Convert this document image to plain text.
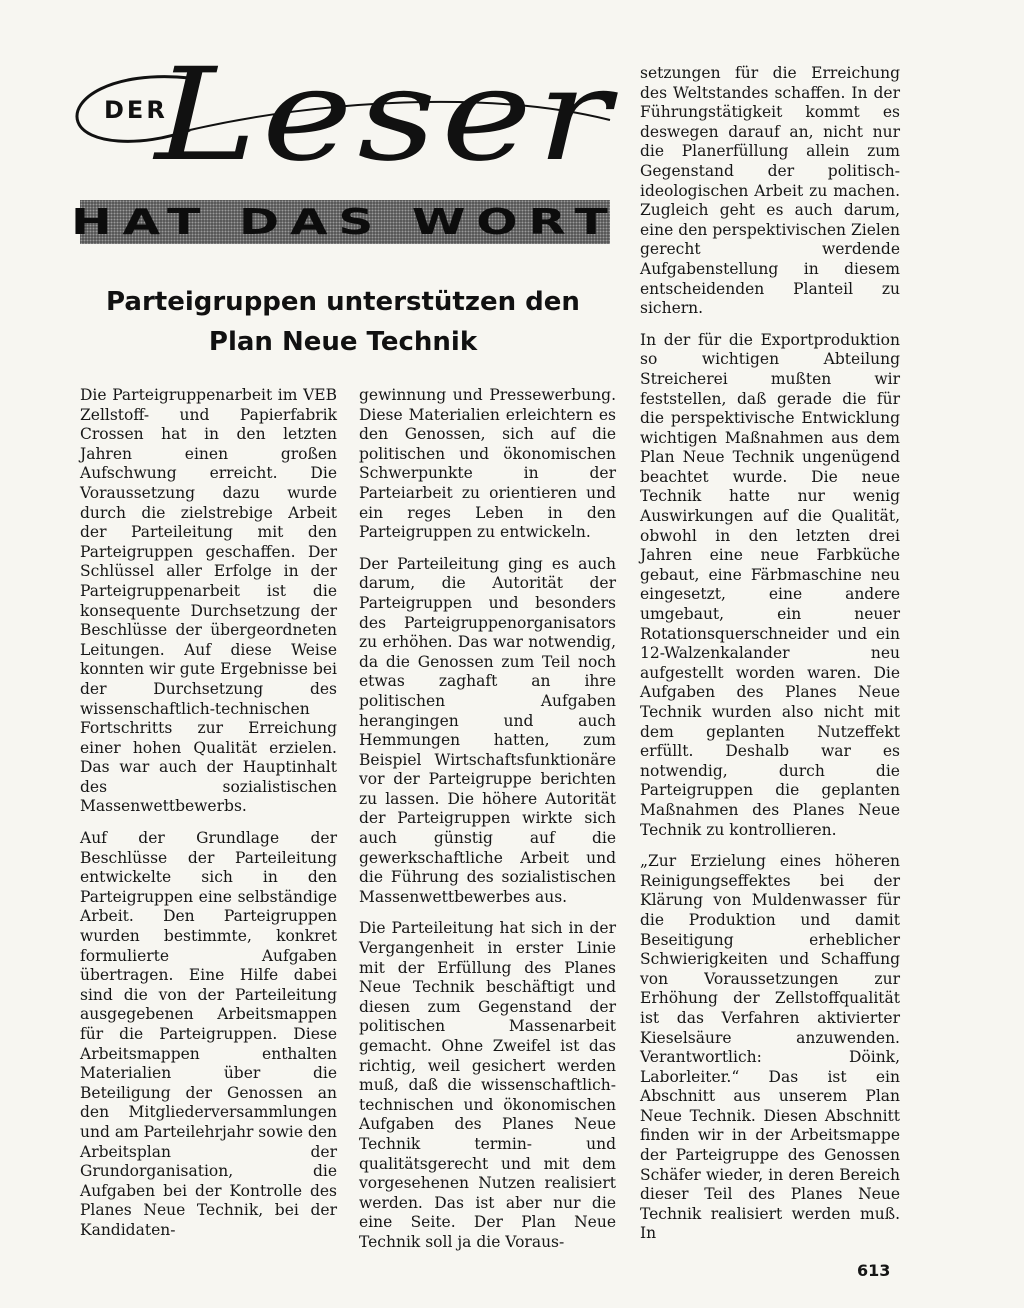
DER
Leser
HAT DAS WORT
Parteigruppen unterstützen den
Plan Neue Technik

Die Parteigruppenarbeit im VEB Zellstoff- und Papierfabrik Crossen hat in den letzten Jahren einen großen Aufschwung erreicht. Die Voraussetzung dazu wurde durch die zielstrebige Arbeit der Parteileitung mit den Parteigruppen geschaffen. Der Schlüssel aller Erfolge in der Parteigruppenarbeit ist die konsequente Durchsetzung der Beschlüsse der übergeordneten Leitungen. Auf diese Weise konnten wir gute Ergebnisse bei der Durchsetzung des wissenschaftlich-technischen Fortschritts zur Erreichung einer hohen Qualität erzielen. Das war auch der Hauptinhalt des sozialistischen Massenwettbewerbs.

Auf der Grundlage der Beschlüsse der Parteileitung entwickelte sich in den Parteigruppen eine selbständige Arbeit. Den Parteigruppen wurden bestimmte, konkret formulierte Aufgaben übertragen. Eine Hilfe dabei sind die von der Parteileitung ausgegebenen Arbeitsmappen für die Parteigruppen. Diese Arbeitsmappen enthalten Materialien über die Beteiligung der Genossen an den Mitgliederversammlungen und am Parteilehrjahr sowie den Arbeitsplan der Grundorganisation, die Aufgaben bei der Kontrolle des Planes Neue Technik, bei der Kandidaten-

gewinnung und Pressewerbung. Diese Materialien erleichtern es den Genossen, sich auf die politischen und ökonomischen Schwerpunkte in der Parteiarbeit zu orientieren und ein reges Leben in den Parteigruppen zu entwickeln.

Der Parteileitung ging es auch darum, die Autorität der Parteigruppen und besonders des Parteigruppenorganisators zu erhöhen. Das war notwendig, da die Genossen zum Teil noch etwas zaghaft an ihre politischen Aufgaben herangingen und auch Hemmungen hatten, zum Beispiel Wirtschaftsfunktionäre vor der Parteigruppe berichten zu lassen. Die höhere Autorität der Parteigruppen wirkte sich auch günstig auf die gewerkschaftliche Arbeit und die Führung des sozialistischen Massenwettbewerbes aus.

Die Parteileitung hat sich in der Vergangenheit in erster Linie mit der Erfüllung des Planes Neue Technik beschäftigt und diesen zum Gegenstand der politischen Massenarbeit gemacht. Ohne Zweifel ist das richtig, weil gesichert werden muß, daß die wissenschaftlich-technischen und ökonomischen Aufgaben des Planes Neue Technik termin- und qualitätsgerecht und mit dem vorgesehenen Nutzen realisiert werden. Das ist aber nur die eine Seite. Der Plan Neue Technik soll ja die Voraus-

setzungen für die Erreichung des Weltstandes schaffen. In der Führungstätigkeit kommt es deswegen darauf an, nicht nur die Planerfüllung allein zum Gegenstand der politisch-ideologischen Arbeit zu machen. Zugleich geht es auch darum, eine den perspektivischen Zielen gerecht werdende Aufgabenstellung in diesem entscheidenden Planteil zu sichern.

In der für die Exportproduktion so wichtigen Abteilung Streicherei mußten wir feststellen, daß gerade die für die perspektivische Entwicklung wichtigen Maßnahmen aus dem Plan Neue Technik ungenügend beachtet wurde. Die neue Technik hatte nur wenig Auswirkungen auf die Qualität, obwohl in den letzten drei Jahren eine neue Farbküche gebaut, eine Färbmaschine neu eingesetzt, eine andere umgebaut, ein neuer Rotationsquerschneider und ein 12-Walzenkalander neu aufgestellt worden waren. Die Aufgaben des Planes Neue Technik wurden also nicht mit dem geplanten Nutzeffekt erfüllt. Deshalb war es notwendig, durch die Parteigruppen die geplanten Maßnahmen des Planes Neue Technik zu kontrollieren.

„Zur Erzielung eines höheren Reinigungseffektes bei der Klärung von Muldenwasser für die Produktion und damit Beseitigung erheblicher Schwierigkeiten und Schaffung von Voraussetzungen zur Erhöhung der Zellstoffqualität ist das Verfahren aktivierter Kieselsäure anzuwenden. Verantwortlich: Döink, Laborleiter.“ Das ist ein Abschnitt aus unserem Plan Neue Technik. Diesen Abschnitt finden wir in der Arbeitsmappe der Parteigruppe des Genossen Schäfer wieder, in deren Bereich dieser Teil des Planes Neue Technik realisiert werden muß. In

613
